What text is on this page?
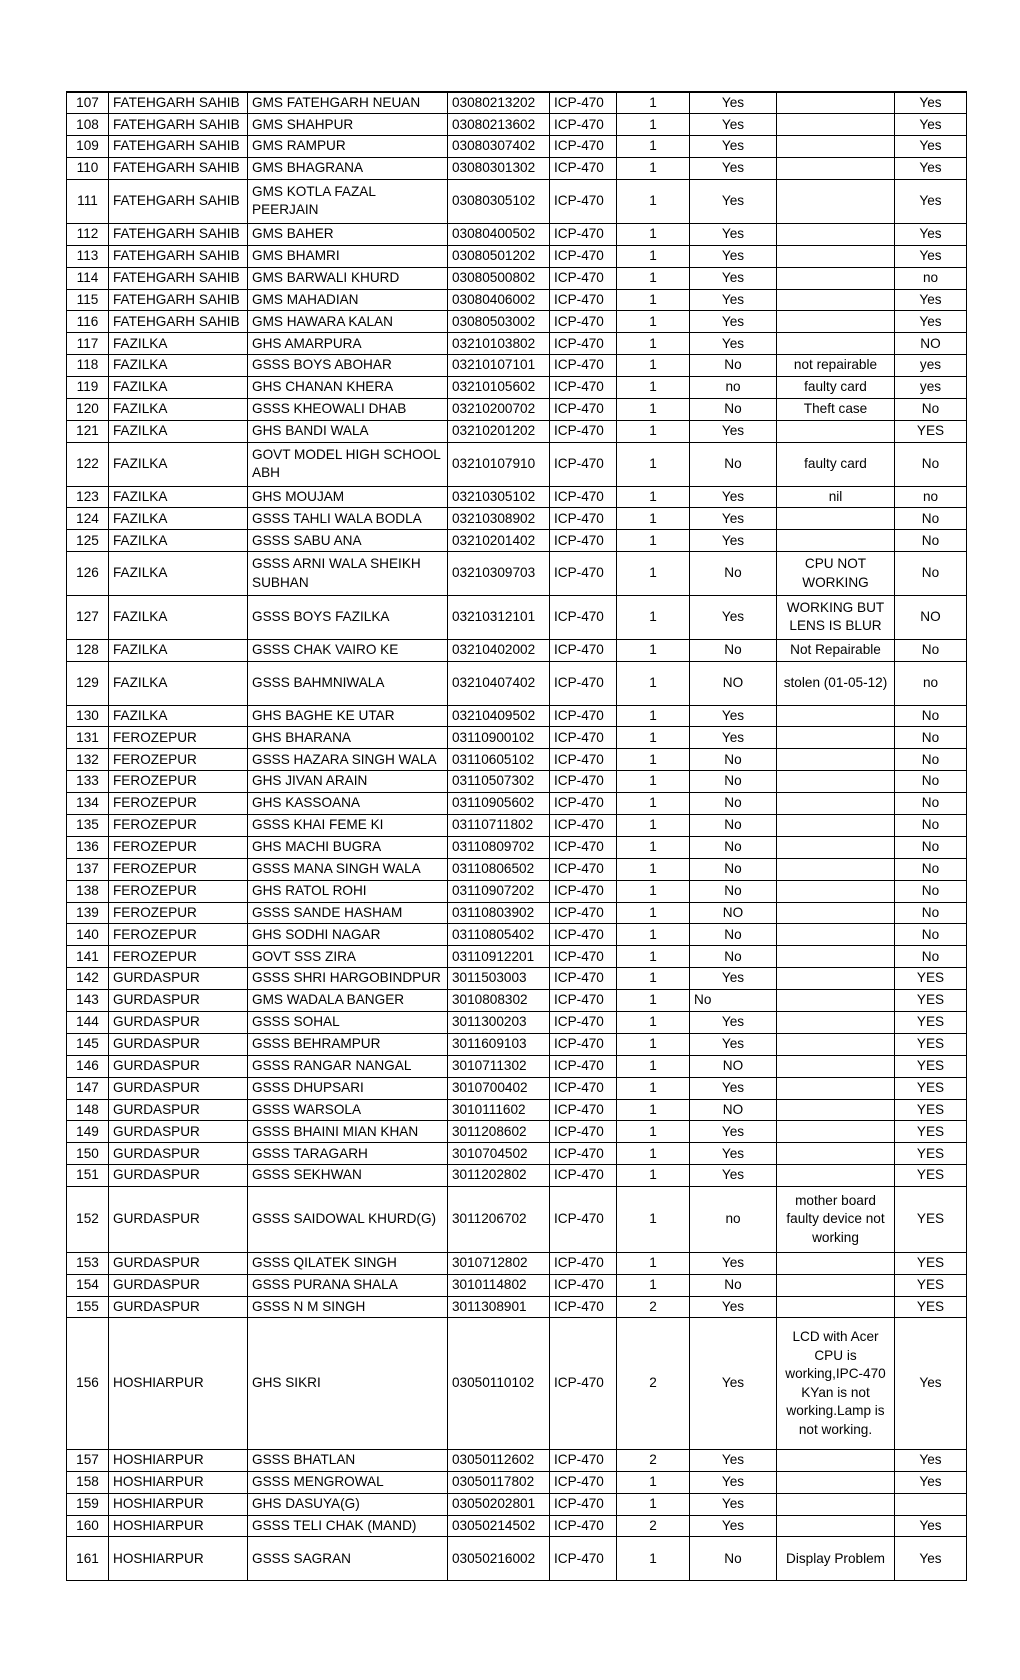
107	FATEHGARH SAHIB	GMS FATEHGARH NEUAN	03080213202	ICP-470	1	Yes		Yes
108	FATEHGARH SAHIB	GMS SHAHPUR	03080213602	ICP-470	1	Yes		Yes
109	FATEHGARH SAHIB	GMS RAMPUR	03080307402	ICP-470	1	Yes		Yes
110	FATEHGARH SAHIB	GMS BHAGRANA	03080301302	ICP-470	1	Yes		Yes
111	FATEHGARH SAHIB	GMS KOTLA FAZAL PEERJAIN	03080305102	ICP-470	1	Yes		Yes
112	FATEHGARH SAHIB	GMS BAHER	03080400502	ICP-470	1	Yes		Yes
113	FATEHGARH SAHIB	GMS BHAMRI	03080501202	ICP-470	1	Yes		Yes
114	FATEHGARH SAHIB	GMS BARWALI KHURD	03080500802	ICP-470	1	Yes		no
115	FATEHGARH SAHIB	GMS MAHADIAN	03080406002	ICP-470	1	Yes		Yes
116	FATEHGARH SAHIB	GMS HAWARA KALAN	03080503002	ICP-470	1	Yes		Yes
117	FAZILKA	GHS AMARPURA	03210103802	ICP-470	1	Yes		NO
118	FAZILKA	GSSS BOYS ABOHAR	03210107101	ICP-470	1	No	not repairable	yes
119	FAZILKA	GHS CHANAN KHERA	03210105602	ICP-470	1	no	faulty card	yes
120	FAZILKA	GSSS KHEOWALI DHAB	03210200702	ICP-470	1	No	Theft case	No
121	FAZILKA	GHS BANDI WALA	03210201202	ICP-470	1	Yes		YES
122	FAZILKA	GOVT MODEL HIGH SCHOOL ABH	03210107910	ICP-470	1	No	faulty card	No
123	FAZILKA	GHS MOUJAM	03210305102	ICP-470	1	Yes	nil	no
124	FAZILKA	GSSS TAHLI WALA BODLA	03210308902	ICP-470	1	Yes		No
125	FAZILKA	GSSS SABU ANA	03210201402	ICP-470	1	Yes		No
126	FAZILKA	GSSS ARNI WALA SHEIKH SUBHAN	03210309703	ICP-470	1	No	CPU NOT WORKING	No
127	FAZILKA	GSSS BOYS FAZILKA	03210312101	ICP-470	1	Yes	WORKING BUT LENS IS BLUR	NO
128	FAZILKA	GSSS CHAK VAIRO KE	03210402002	ICP-470	1	No	Not Repairable	No
129	FAZILKA	GSSS BAHMNIWALA	03210407402	ICP-470	1	NO	stolen (01-05-12)	no
130	FAZILKA	GHS BAGHE KE UTAR	03210409502	ICP-470	1	Yes		No
131	FEROZEPUR	GHS BHARANA	03110900102	ICP-470	1	Yes		No
132	FEROZEPUR	GSSS HAZARA SINGH WALA	03110605102	ICP-470	1	No		No
133	FEROZEPUR	GHS JIVAN ARAIN	03110507302	ICP-470	1	No		No
134	FEROZEPUR	GHS KASSOANA	03110905602	ICP-470	1	No		No
135	FEROZEPUR	GSSS KHAI FEME KI	03110711802	ICP-470	1	No		No
136	FEROZEPUR	GHS MACHI BUGRA	03110809702	ICP-470	1	No		No
137	FEROZEPUR	GSSS MANA SINGH WALA	03110806502	ICP-470	1	No		No
138	FEROZEPUR	GHS RATOL ROHI	03110907202	ICP-470	1	No		No
139	FEROZEPUR	GSSS SANDE HASHAM	03110803902	ICP-470	1	NO		No
140	FEROZEPUR	GHS SODHI NAGAR	03110805402	ICP-470	1	No		No
141	FEROZEPUR	GOVT SSS ZIRA	03110912201	ICP-470	1	No		No
142	GURDASPUR	GSSS SHRI HARGOBINDPUR	3011503003	ICP-470	1	Yes		YES
143	GURDASPUR	GMS WADALA BANGER	3010808302	ICP-470	1	No		YES
144	GURDASPUR	GSSS SOHAL	3011300203	ICP-470	1	Yes		YES
145	GURDASPUR	GSSS BEHRAMPUR	3011609103	ICP-470	1	Yes		YES
146	GURDASPUR	GSSS RANGAR NANGAL	3010711302	ICP-470	1	NO		YES
147	GURDASPUR	GSSS DHUPSARI	3010700402	ICP-470	1	Yes		YES
148	GURDASPUR	GSSS WARSOLA	3010111602	ICP-470	1	NO		YES
149	GURDASPUR	GSSS BHAINI MIAN KHAN	3011208602	ICP-470	1	Yes		YES
150	GURDASPUR	GSSS TARAGARH	3010704502	ICP-470	1	Yes		YES
151	GURDASPUR	GSSS SEKHWAN	3011202802	ICP-470	1	Yes		YES
152	GURDASPUR	GSSS SAIDOWAL KHURD(G)	3011206702	ICP-470	1	no	mother board faulty device not working	YES
153	GURDASPUR	GSSS QILATEK SINGH	3010712802	ICP-470	1	Yes		YES
154	GURDASPUR	GSSS PURANA SHALA	3010114802	ICP-470	1	No		YES
155	GURDASPUR	GSSS N M SINGH	3011308901	ICP-470	2	Yes		YES
156	HOSHIARPUR	GHS SIKRI	03050110102	ICP-470	2	Yes	LCD with Acer CPU is working,IPC-470 KYan is not working.Lamp is not working.	Yes
157	HOSHIARPUR	GSSS BHATLAN	03050112602	ICP-470	2	Yes		Yes
158	HOSHIARPUR	GSSS MENGROWAL	03050117802	ICP-470	1	Yes		Yes
159	HOSHIARPUR	GHS DASUYA(G)	03050202801	ICP-470	1	Yes		
160	HOSHIARPUR	GSSS TELI CHAK (MAND)	03050214502	ICP-470	2	Yes		Yes
161	HOSHIARPUR	GSSS SAGRAN	03050216002	ICP-470	1	No	Display Problem	Yes
